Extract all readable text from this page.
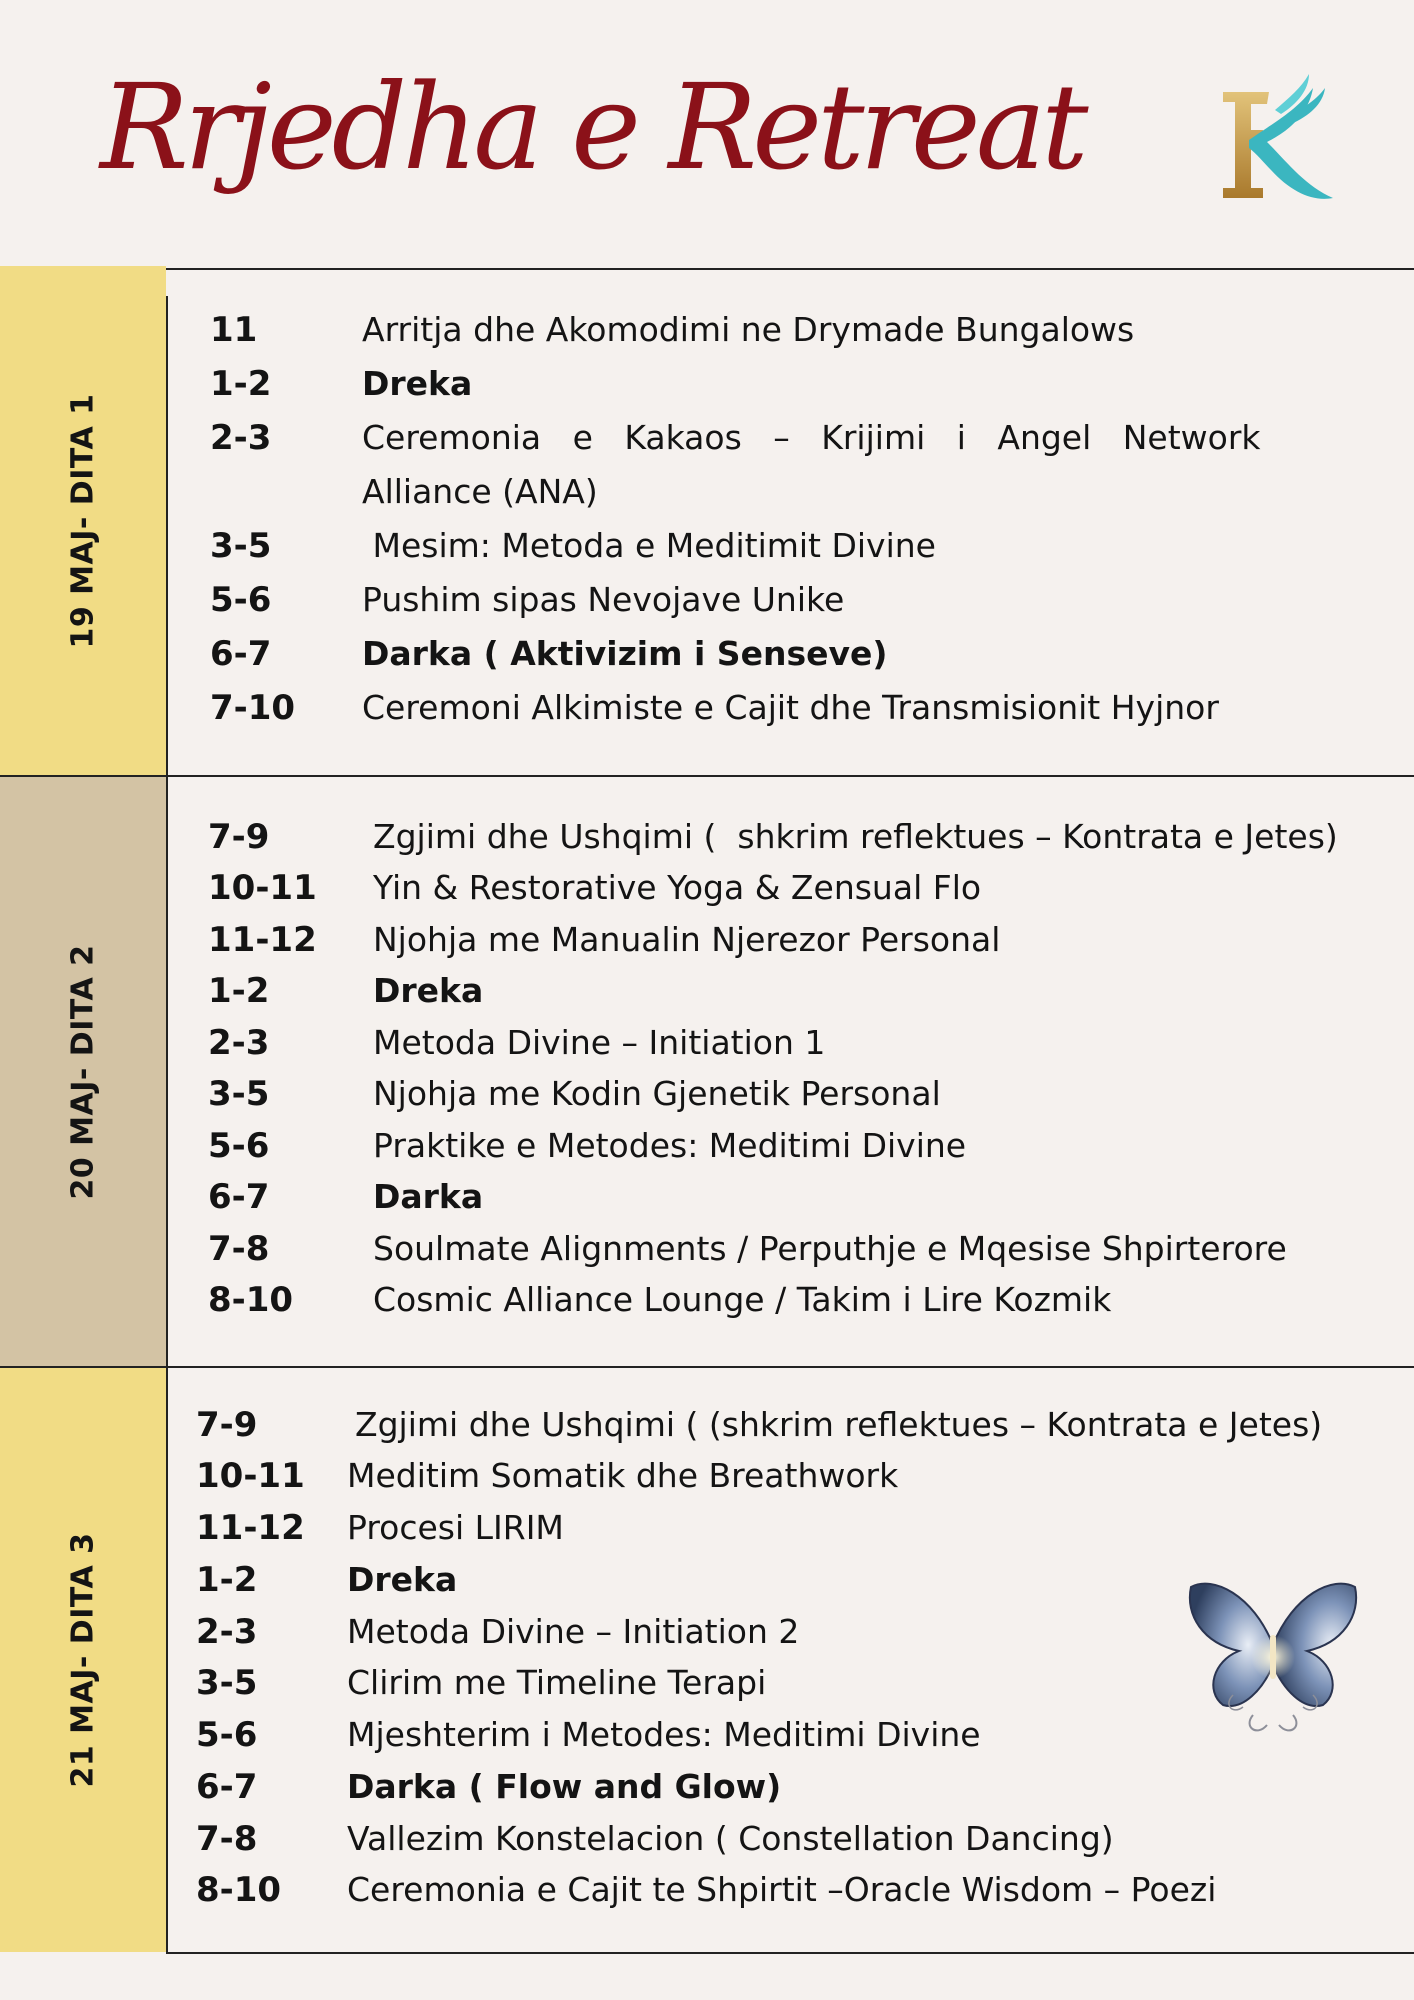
Rrjedha e Retreat
19 MAJ- DITA 1
11	Arritja dhe Akomodimi ne Drymade Bungalows
1-2	Dreka
2-3	Ceremonia   e   Kakaos   –   Krijimi   i   Angel   Network
Alliance (ANA)
3-5	Mesim: Metoda e Meditimit Divine
5-6	Pushim sipas Nevojave Unike
6-7	Darka ( Aktivizim i Senseve)
7-10 Ceremoni Alkimiste e Cajit dhe Transmisionit Hyjnor
20 MAJ- DITA 2
7-9	Zgjimi dhe Ushqimi (  shkrim reflektues – Kontrata e Jetes)
10-11 Yin & Restorative Yoga & Zensual Flo
11-12 Njohja me Manualin Njerezor Personal
1-2	Dreka
2-3	Metoda Divine – Initiation 1
3-5	Njohja me Kodin Gjenetik Personal
5-6	Praktike e Metodes: Meditimi Divine
6-7	Darka
7-8	Soulmate Alignments / Perputhje e Mqesise Shpirterore
8-10 Cosmic Alliance Lounge / Takim i Lire Kozmik
21 MAJ- DITA 3
7-9	Zgjimi dhe Ushqimi ( (shkrim reflektues – Kontrata e Jetes)
10-11 Meditim Somatik dhe Breathwork
11-12 Procesi LIRIM
1-2	Dreka
2-3	Metoda Divine – Initiation 2
3-5	Clirim me Timeline Terapi
5-6	Mjeshterim i Metodes: Meditimi Divine
6-7	Darka ( Flow and Glow)
7-8	Vallezim Konstelacion ( Constellation Dancing)
8-10 Ceremonia e Cajit te Shpirtit –Oracle Wisdom – Poezi
